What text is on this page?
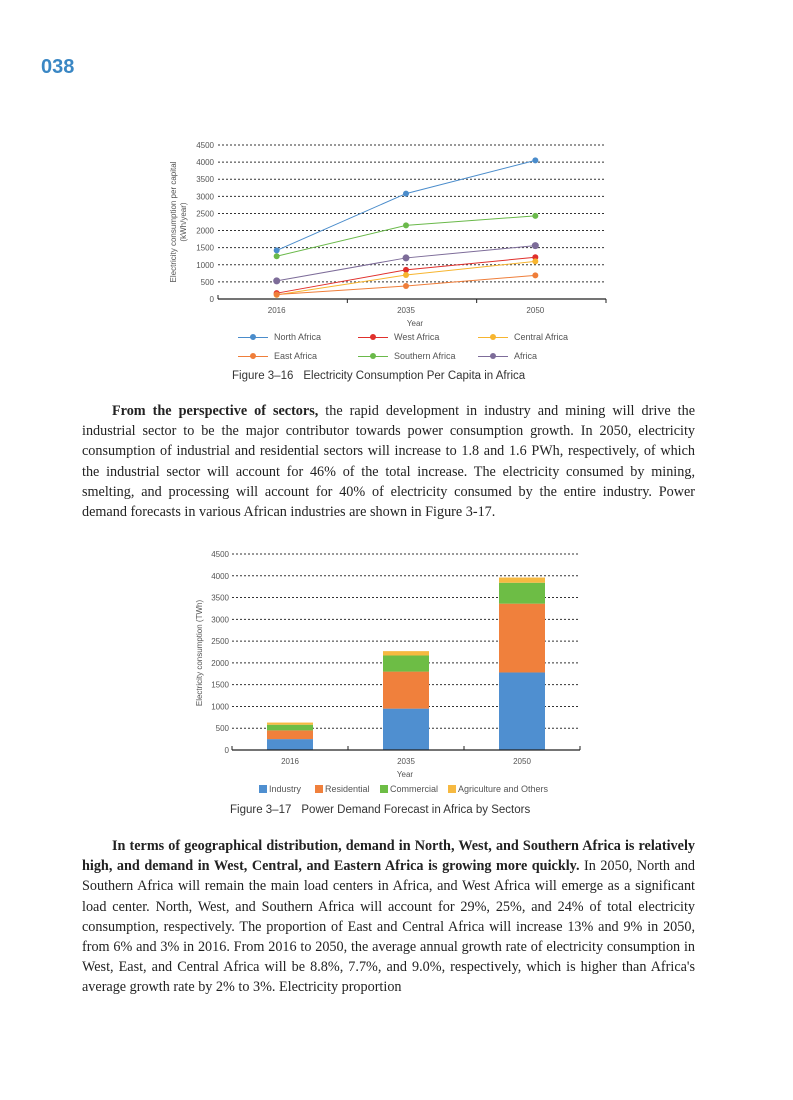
038
0
500
1000
1500
2000
2500
3000
3500
4000
4500
2016	2035	2050
Year
Electricity consumption per capital (kWh/year)
North Africa	West Africa	Central Africa
East Africa	Southern Africa	Africa
Figure 3–16 Electricity Consumption Per Capita in Africa
From the perspective of sectors, the rapid development in industry and mining will drive the industrial sector to be the major contributor towards power consumption growth. In 2050, electricity consumption of industrial and residential sectors will increase to 1.8 and 1.6 PWh, respectively, of which the industrial sector will account for 46% of the total increase. The electricity consumed by mining, smelting, and processing will account for 40% of electricity consumed by the entire industry. Power demand forecasts in various African industries are shown in Figure 3-17.
0
500
1000
1500
2000
2500
3000
3500
4000
4500
2016	2035	2050
Year
Electricity consumption (TWh)
Industry	Residential Commercial Agriculture and Others
Figure 3–17 Power Demand Forecast in Africa by Sectors
In terms of geographical distribution, demand in North, West, and Southern Africa is relatively high, and demand in West, Central, and Eastern Africa is growing more quickly. In 2050, North and Southern Africa will remain the main load centers in Africa, and West Africa will emerge as a significant load center. North, West, and Southern Africa will account for 29%, 25%, and 24% of total electricity consumption, respectively. The proportion of East and Central Africa will increase 13% and 9% in 2050, from 6% and 3% in 2016. From 2016 to 2050, the average annual growth rate of electricity consumption in West, East, and Central Africa will be 8.8%, 7.7%, and 9.0%, respectively, which is higher than Africa's average growth rate by 2% to 3%. Electricity proportion
